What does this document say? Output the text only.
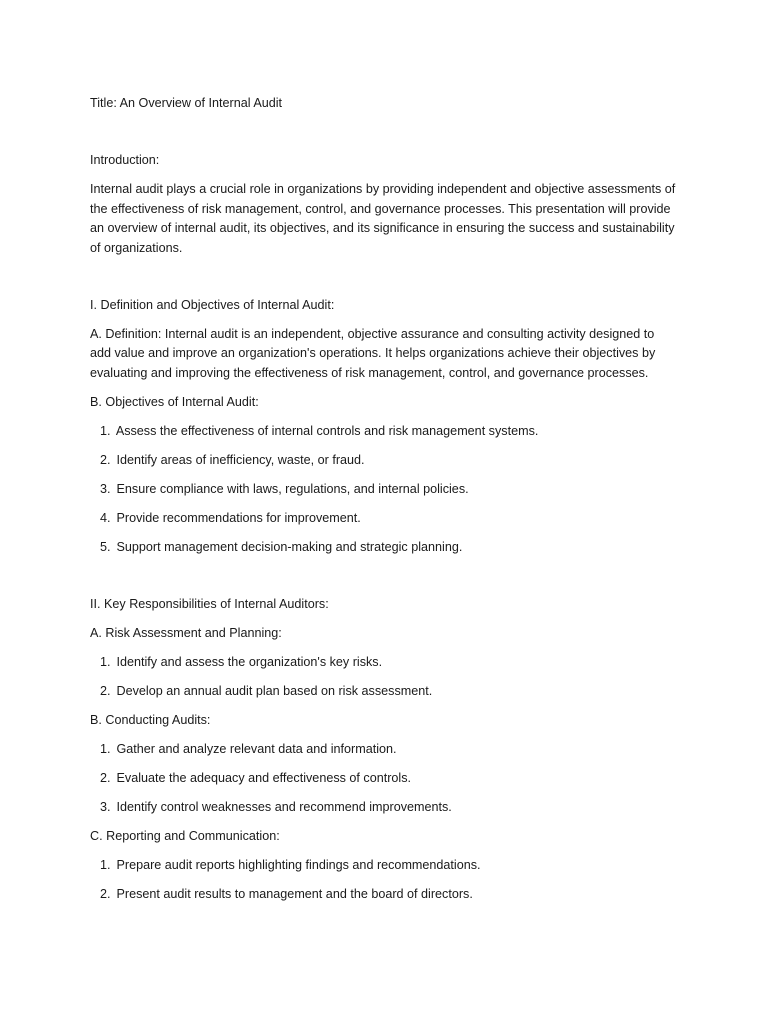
Title: An Overview of Internal Audit

Introduction:

Internal audit plays a crucial role in organizations by providing independent and objective assessments of

the effectiveness of risk management, control, and governance processes. This presentation will provide

an overview of internal audit, its objectives, and its significance in ensuring the success and sustainability

of organizations.

I. Definition and Objectives of Internal Audit:

A. Definition: Internal audit is an independent, objective assurance and consulting activity designed to

add value and improve an organization's operations. It helps organizations achieve their objectives by

evaluating and improving the effectiveness of risk management, control, and governance processes.

B. Objectives of Internal Audit:

1. Assess the effectiveness of internal controls and risk management systems.
2. Identify areas of inefficiency, waste, or fraud.
3. Ensure compliance with laws, regulations, and internal policies.
4. Provide recommendations for improvement.
5. Support management decision-making and strategic planning.

II. Key Responsibilities of Internal Auditors:

A. Risk Assessment and Planning:

1. Identify and assess the organization's key risks.
2. Develop an annual audit plan based on risk assessment.

B. Conducting Audits:

1. Gather and analyze relevant data and information.
2. Evaluate the adequacy and effectiveness of controls.
3. Identify control weaknesses and recommend improvements.

C. Reporting and Communication:

1. Prepare audit reports highlighting findings and recommendations.
2. Present audit results to management and the board of directors.
